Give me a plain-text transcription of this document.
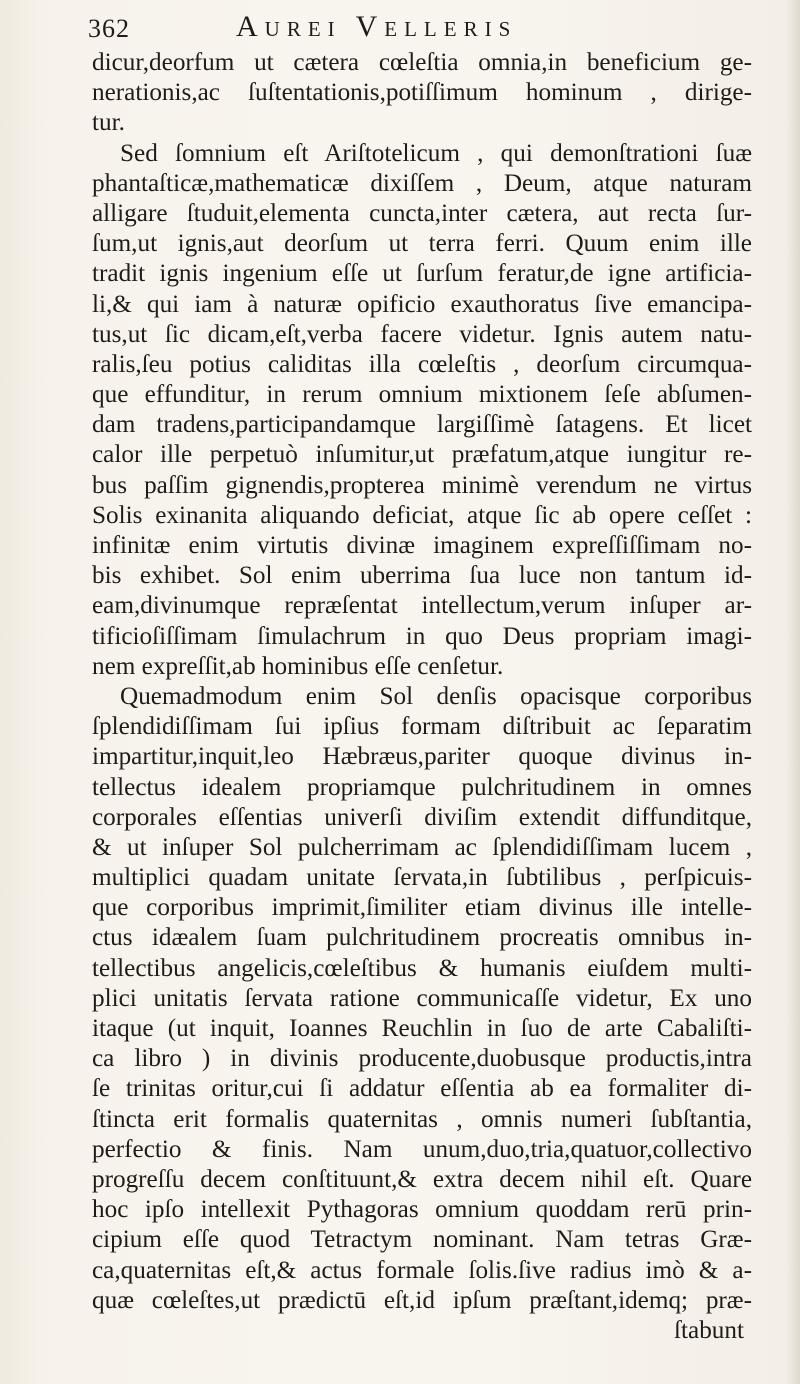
362	Aurei Velleris
dicur,deorfum ut cætera cœleſtia omnia,in beneficium ge-
nerationis,ac ſuſtentationis,potiſſimum hominum , dirige-
tur.
Sed ſomnium eſt Ariſtotelicum , qui demonſtrationi ſuæ
phantaſticæ,mathematicæ dixiſſem , Deum, atque naturam
alligare ſtuduit,elementa cuncta,inter cætera, aut recta ſur-
ſum,ut ignis,aut deorſum ut terra ferri. Quum enim ille
tradit ignis ingenium eſſe ut ſurſum feratur,de igne artificia-
li,& qui iam à naturæ opificio exauthoratus ſive emancipa-
tus,ut ſic dicam,eſt,verba facere videtur. Ignis autem natu-
ralis,ſeu potius caliditas illa cœleſtis , deorſum circumqua-
que effunditur, in rerum omnium mixtionem ſeſe abſumen-
dam tradens,participandamque largiſſimè ſatagens. Et licet
calor ille perpetuò inſumitur,ut præfatum,atque iungitur re-
bus paſſim gignendis,propterea minimè verendum ne virtus
Solis exinanita aliquando deficiat, atque ſic ab opere ceſſet :
infinitæ enim virtutis divinæ imaginem expreſſiſſimam no-
bis exhibet. Sol enim uberrima ſua luce non tantum id-
eam,divinumque repræſentat intellectum,verum inſuper ar-
tificioſiſſimam ſimulachrum in quo Deus propriam imagi-
nem expreſſit,ab hominibus eſſe cenſetur.
Quemadmodum enim Sol denſis opacisque corporibus
ſplendidiſſimam ſui ipſius formam diſtribuit ac ſeparatim
impartitur,inquit,leo Hæbræus,pariter quoque divinus in-
tellectus idealem propriamque pulchritudinem in omnes
corporales eſſentias univerſi diviſim extendit diffunditque,
& ut inſuper Sol pulcherrimam ac ſplendidiſſimam lucem ,
multiplici quadam unitate ſervata,in ſubtilibus , perſpicuis-
que corporibus imprimit,ſimiliter etiam divinus ille intelle-
ctus idæalem ſuam pulchritudinem procreatis omnibus in-
tellectibus angelicis,cœleſtibus & humanis eiuſdem multi-
plici unitatis ſervata ratione communicaſſe videtur, Ex uno
itaque (ut inquit, Ioannes Reuchlin in ſuo de arte Cabaliſti-
ca libro ) in divinis producente,duobusque productis,intra
ſe trinitas oritur,cui ſi addatur eſſentia ab ea formaliter di-
ſtincta erit formalis quaternitas , omnis numeri ſubſtantia,
perfectio & finis. Nam unum,duo,tria,quatuor,collectivo
progreſſu decem conſtituunt,& extra decem nihil eſt. Quare
hoc ipſo intellexit Pythagoras omnium quoddam rerū prin-
cipium eſſe quod Tetractym nominant. Nam tetras Græ-
ca,quaternitas eſt,& actus formale ſolis.ſive radius imò & a-
quæ cœleſtes,ut prædictū eſt,id ipſum præſtant,idemq; præ-
ſtabunt
